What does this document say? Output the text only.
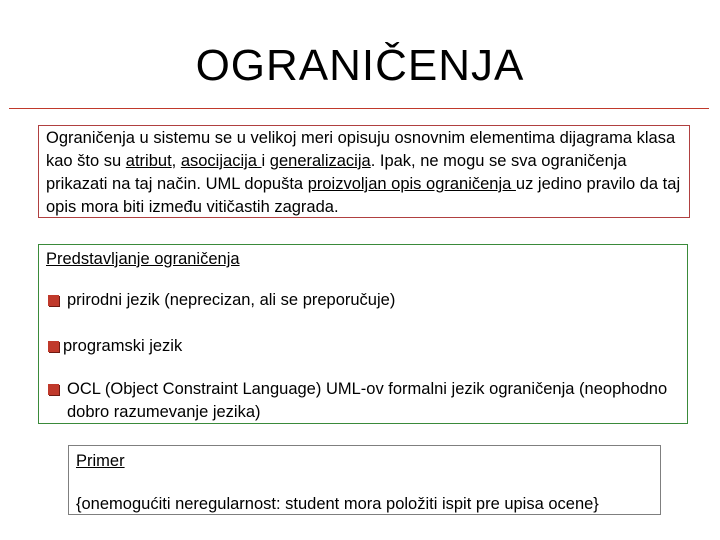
OGRANIČENJA
Ograničenja u sistemu se u velikoj meri opisuju osnovnim elementima dijagrama klasa kao što su atribut, asocijacija i generalizacija. Ipak, ne mogu se sva ograničenja prikazati na taj način. UML dopušta proizvoljan opis ograničenja uz jedino pravilo da taj opis mora biti između vitičastih zagrada.
Predstavljanje ograničenja
prirodni jezik (neprecizan, ali se preporučuje)
programski jezik
OCL (Object Constraint Language) UML-ov formalni jezik ograničenja (neophodno dobro razumevanje jezika)
Primer
{onemogućiti neregularnost: student mora položiti ispit pre upisa ocene}
